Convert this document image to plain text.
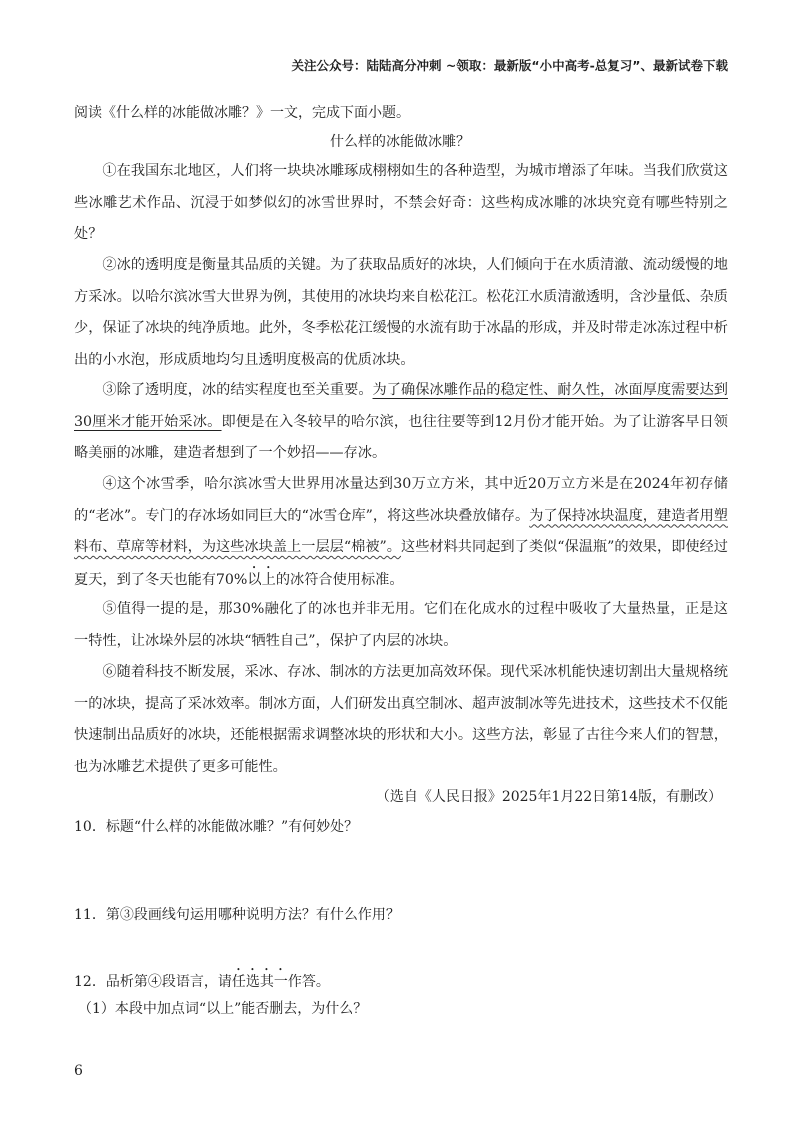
关注公众号：陆陆高分冲刺 ~领取：最新版“小中高考-总复习”、最新试卷下载
阅读《什么样的冰能做冰雕？》一文，完成下面小题。
什么样的冰能做冰雕？

①在我国东北地区，人们将一块块冰雕琢成栩栩如生的各种造型，为城市增添了年味。当我们欣赏这些冰雕艺术作品、沉浸于如梦似幻的冰雪世界时，不禁会好奇：这些构成冰雕的冰块究竟有哪些特别之处？

②冰的透明度是衡量其品质的关键。为了获取品质好的冰块，人们倾向于在水质清澈、流动缓慢的地方采冰。以哈尔滨冰雪大世界为例，其使用的冰块均来自松花江。松花江水质清澈透明，含沙量低、杂质少，保证了冰块的纯净质地。此外，冬季松花江缓慢的水流有助于冰晶的形成，并及时带走冰冻过程中析出的小水泡，形成质地均匀且透明度极高的优质冰块。

③除了透明度，冰的结实程度也至关重要。为了确保冰雕作品的稳定性、耐久性，冰面厚度需要达到30厘米才能开始采冰。即便是在入冬较早的哈尔滨，也往往要等到12月份才能开始。为了让游客早日领略美丽的冰雕，建造者想到了一个妙招——存冰。

④这个冰雪季，哈尔滨冰雪大世界用冰量达到30万立方米，其中近20万立方米是在2024年初存储的“老冰”。专门的存冰场如同巨大的“冰雪仓库”，将这些冰块叠放储存。为了保持冰块温度，建造者用塑料布、草席等材料，为这些冰块盖上一层层“棉被”。这些材料共同起到了类似“保温瓶”的效果，即使经过夏天，到了冬天也能有70%以上的冰符合使用标准。

⑤值得一提的是，那30%融化了的冰也并非无用。它们在化成水的过程中吸收了大量热量，正是这一特性，让冰垛外层的冰块“牺牲自己”，保护了内层的冰块。

⑥随着科技不断发展，采冰、存冰、制冰的方法更加高效环保。现代采冰机能快速切割出大量规格统一的冰块，提高了采冰效率。制冰方面，人们研发出真空制冰、超声波制冰等先进技术，这些技术不仅能快速制出品质好的冰块，还能根据需求调整冰块的形状和大小。这些方法，彰显了古往今来人们的智慧，也为冰雕艺术提供了更多可能性。

（选自《人民日报》2025年1月22日第14版，有删改）
10．标题“什么样的冰能做冰雕？”有何妙处？
11．第③段画线句运用哪种说明方法？有什么作用？
12．品析第④段语言，请任选其一作答。
（1）本段中加点词“以上”能否删去，为什么？
6
